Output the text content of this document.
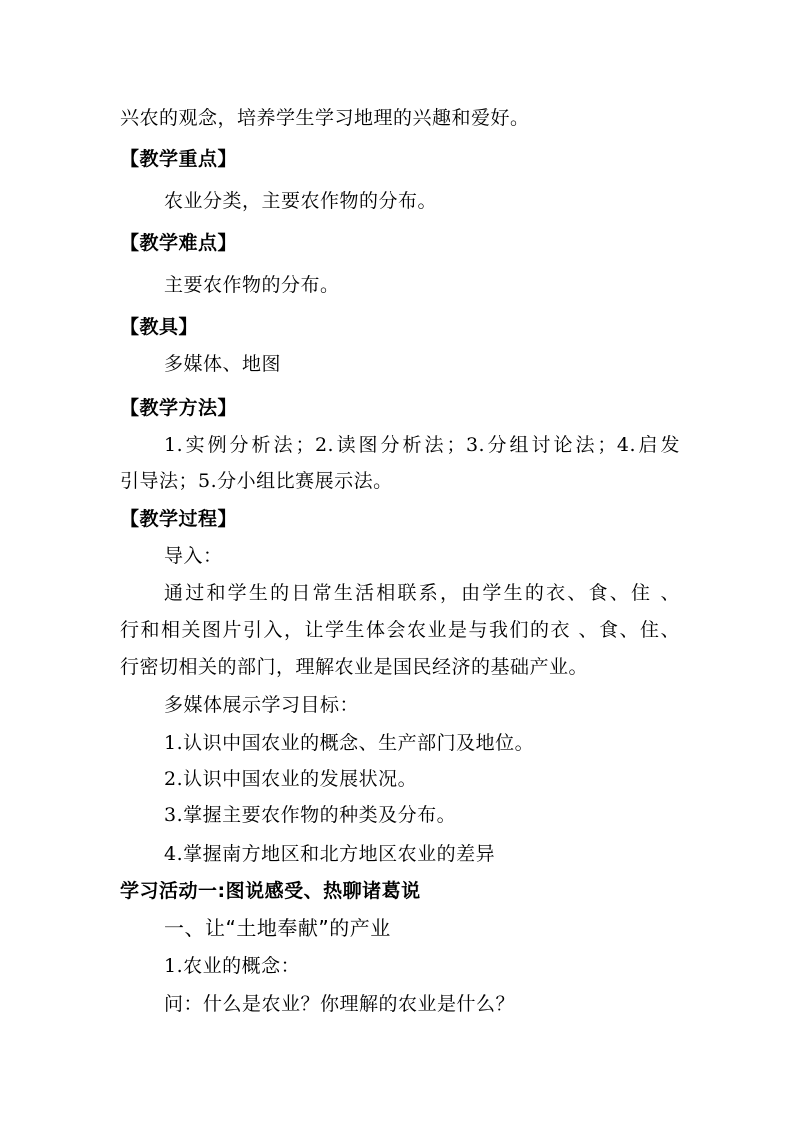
兴农的观念，培养学生学习地理的兴趣和爱好。
【教学重点】
农业分类，主要农作物的分布。
【教学难点】
主要农作物的分布。
【教具】
多媒体、地图
【教学方法】
1.实例分析法；2.读图分析法；3.分组讨论法；4.启发
引导法；5.分小组比赛展示法。
【教学过程】
导入：
通过和学生的日常生活相联系，由学生的衣、食、住 、
行和相关图片引入，让学生体会农业是与我们的衣 、食、住、
行密切相关的部门，理解农业是国民经济的基础产业。
多媒体展示学习目标：
1.认识中国农业的概念、生产部门及地位。
2.认识中国农业的发展状况。
3.掌握主要农作物的种类及分布。
4.掌握南方地区和北方地区农业的差异
学习活动一:图说感受、热聊诸葛说
一、让“土地奉献”的产业
1.农业的概念：
问：什么是农业？你理解的农业是什么？
